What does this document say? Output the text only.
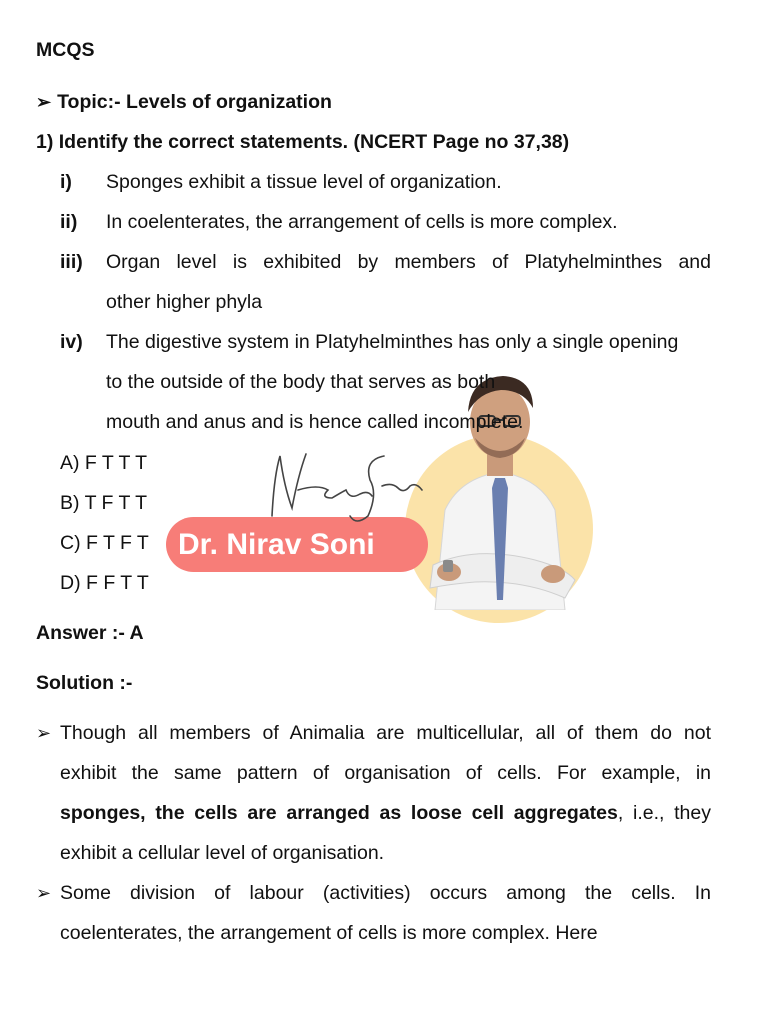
Dr. Nirav Soni
MCQS
➢ Topic:- Levels of organization
1) Identify the correct statements. (NCERT Page no 37,38)
i) Sponges exhibit a tissue level of organization.
ii) In coelenterates, the arrangement of cells is more complex.
iii) Organ level is exhibited by members of Platyhelminthes and
other higher phyla
iv) The digestive system in Platyhelminthes has only a single opening
to the outside of the body that serves as both
mouth and anus and is hence called incomplete.
A) F T T T
B) T F T T
C) F T F T
D) F F T T
Answer :- A
Solution :-
➢ Though all members of Animalia are multicellular, all of them do not
exhibit the same pattern of organisation of cells. For example, in
sponges, the cells are arranged as loose cell aggregates, i.e., they
exhibit a cellular level of organisation.
➢ Some division of labour (activities) occurs among the cells. In
coelenterates, the arrangement of cells is more complex. Here
